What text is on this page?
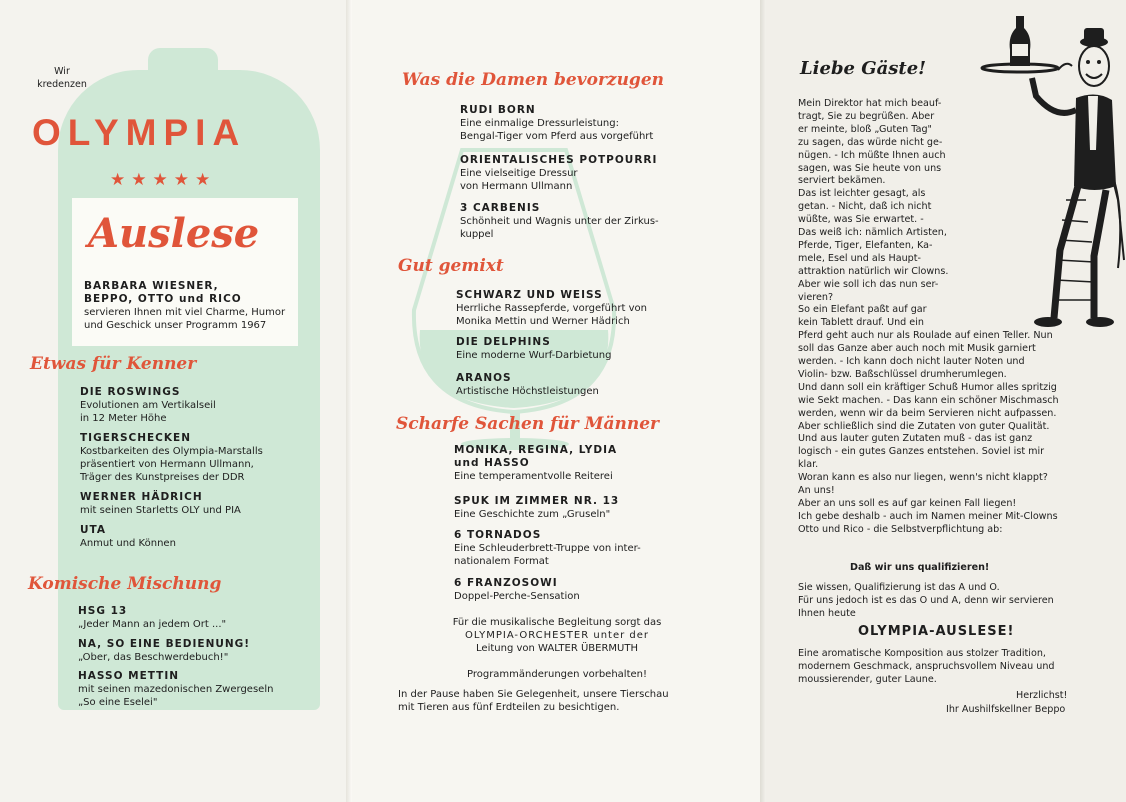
Wir
kredenzen
OLYMPIA
★★★★★
Auslese
BARBARA WIESNER,
BEPPO, OTTO und RICO
servieren Ihnen mit viel Charme, Humor
und Geschick unser Programm 1967
Etwas für Kenner
DIE ROSWINGS
Evolutionen am Vertikalseil
in 12 Meter Höhe
TIGERSCHECKEN
Kostbarkeiten des Olympia-Marstalls
präsentiert von Hermann Ullmann,
Träger des Kunstpreises der DDR
WERNER HÄDRICH
mit seinen Starletts OLY und PIA
UTA
Anmut und Können
Komische Mischung
HSG 13
„Jeder Mann an jedem Ort ..."
NA, SO EINE BEDIENUNG!
„Ober, das Beschwerdebuch!"
HASSO METTIN
mit seinen mazedonischen Zwergeseln
„So eine Eselei"
Was die Damen bevorzugen
RUDI BORN
Eine einmalige Dressurleistung:
Bengal-Tiger vom Pferd aus vorgeführt
ORIENTALISCHES POTPOURRI
Eine vielseitige Dressur
von Hermann Ullmann
3 CARBENIS
Schönheit und Wagnis unter der Zirkus-
kuppel
Gut gemixt
SCHWARZ UND WEISS
Herrliche Rassepferde, vorgeführt von
Monika Mettin und Werner Hädrich
DIE DELPHINS
Eine moderne Wurf-Darbietung
ARANOS
Artistische Höchstleistungen
Scharfe Sachen für Männer
MONIKA, REGINA, LYDIA
und HASSO
Eine temperamentvolle Reiterei
SPUK IM ZIMMER NR. 13
Eine Geschichte zum „Gruseln"
6 TORNADOS
Eine Schleuderbrett-Truppe von inter-
nationalem Format
6 FRANZOSOWI
Doppel-Perche-Sensation
Für die musikalische Begleitung sorgt das
OLYMPIA-ORCHESTER unter der
Leitung von WALTER ÜBERMUTH
Programmänderungen vorbehalten!
In der Pause haben Sie Gelegenheit, unsere Tierschau
mit Tieren aus fünf Erdteilen zu besichtigen.
Liebe Gäste!
Mein Direktor hat mich beauf-
tragt, Sie zu begrüßen. Aber
er meinte, bloß „Guten Tag"
zu sagen, das würde nicht ge-
nügen. - Ich müßte Ihnen auch
sagen, was Sie heute von uns
serviert bekämen.
Das ist leichter gesagt, als
getan. - Nicht, daß ich nicht
wüßte, was Sie erwartet. -
Das weiß ich: nämlich Artisten,
Pferde, Tiger, Elefanten, Ka-
mele, Esel und als Haupt-
attraktion natürlich wir Clowns.
Aber wie soll ich das nun ser-
vieren?
So ein Elefant paßt auf gar
kein Tablett drauf. Und ein
Pferd geht auch nur als Roulade auf einen Teller. Nun
soll das Ganze aber auch noch mit Musik garniert
werden. - Ich kann doch nicht lauter Noten und
Violin- bzw. Baßschlüssel drumherumlegen.
Und dann soll ein kräftiger Schuß Humor alles spritzig
wie Sekt machen. - Das kann ein schöner Mischmasch
werden, wenn wir da beim Servieren nicht aufpassen.
Aber schließlich sind die Zutaten von guter Qualität.
Und aus lauter guten Zutaten muß - das ist ganz
logisch - ein gutes Ganzes entstehen. Soviel ist mir
klar.
Woran kann es also nur liegen, wenn's nicht klappt?
An uns!
Aber an uns soll es auf gar keinen Fall liegen!
Ich gebe deshalb - auch im Namen meiner Mit-Clowns
Otto und Rico - die Selbstverpflichtung ab:
Daß wir uns qualifizieren!
Sie wissen, Qualifizierung ist das A und O.
Für uns jedoch ist es das O und A, denn wir servieren
Ihnen heute
OLYMPIA-AUSLESE!
Eine aromatische Komposition aus stolzer Tradition,
modernem Geschmack, anspruchsvollem Niveau und
moussierender, guter Laune.
Herzlichst!
Ihr Aushilfskellner Beppo
